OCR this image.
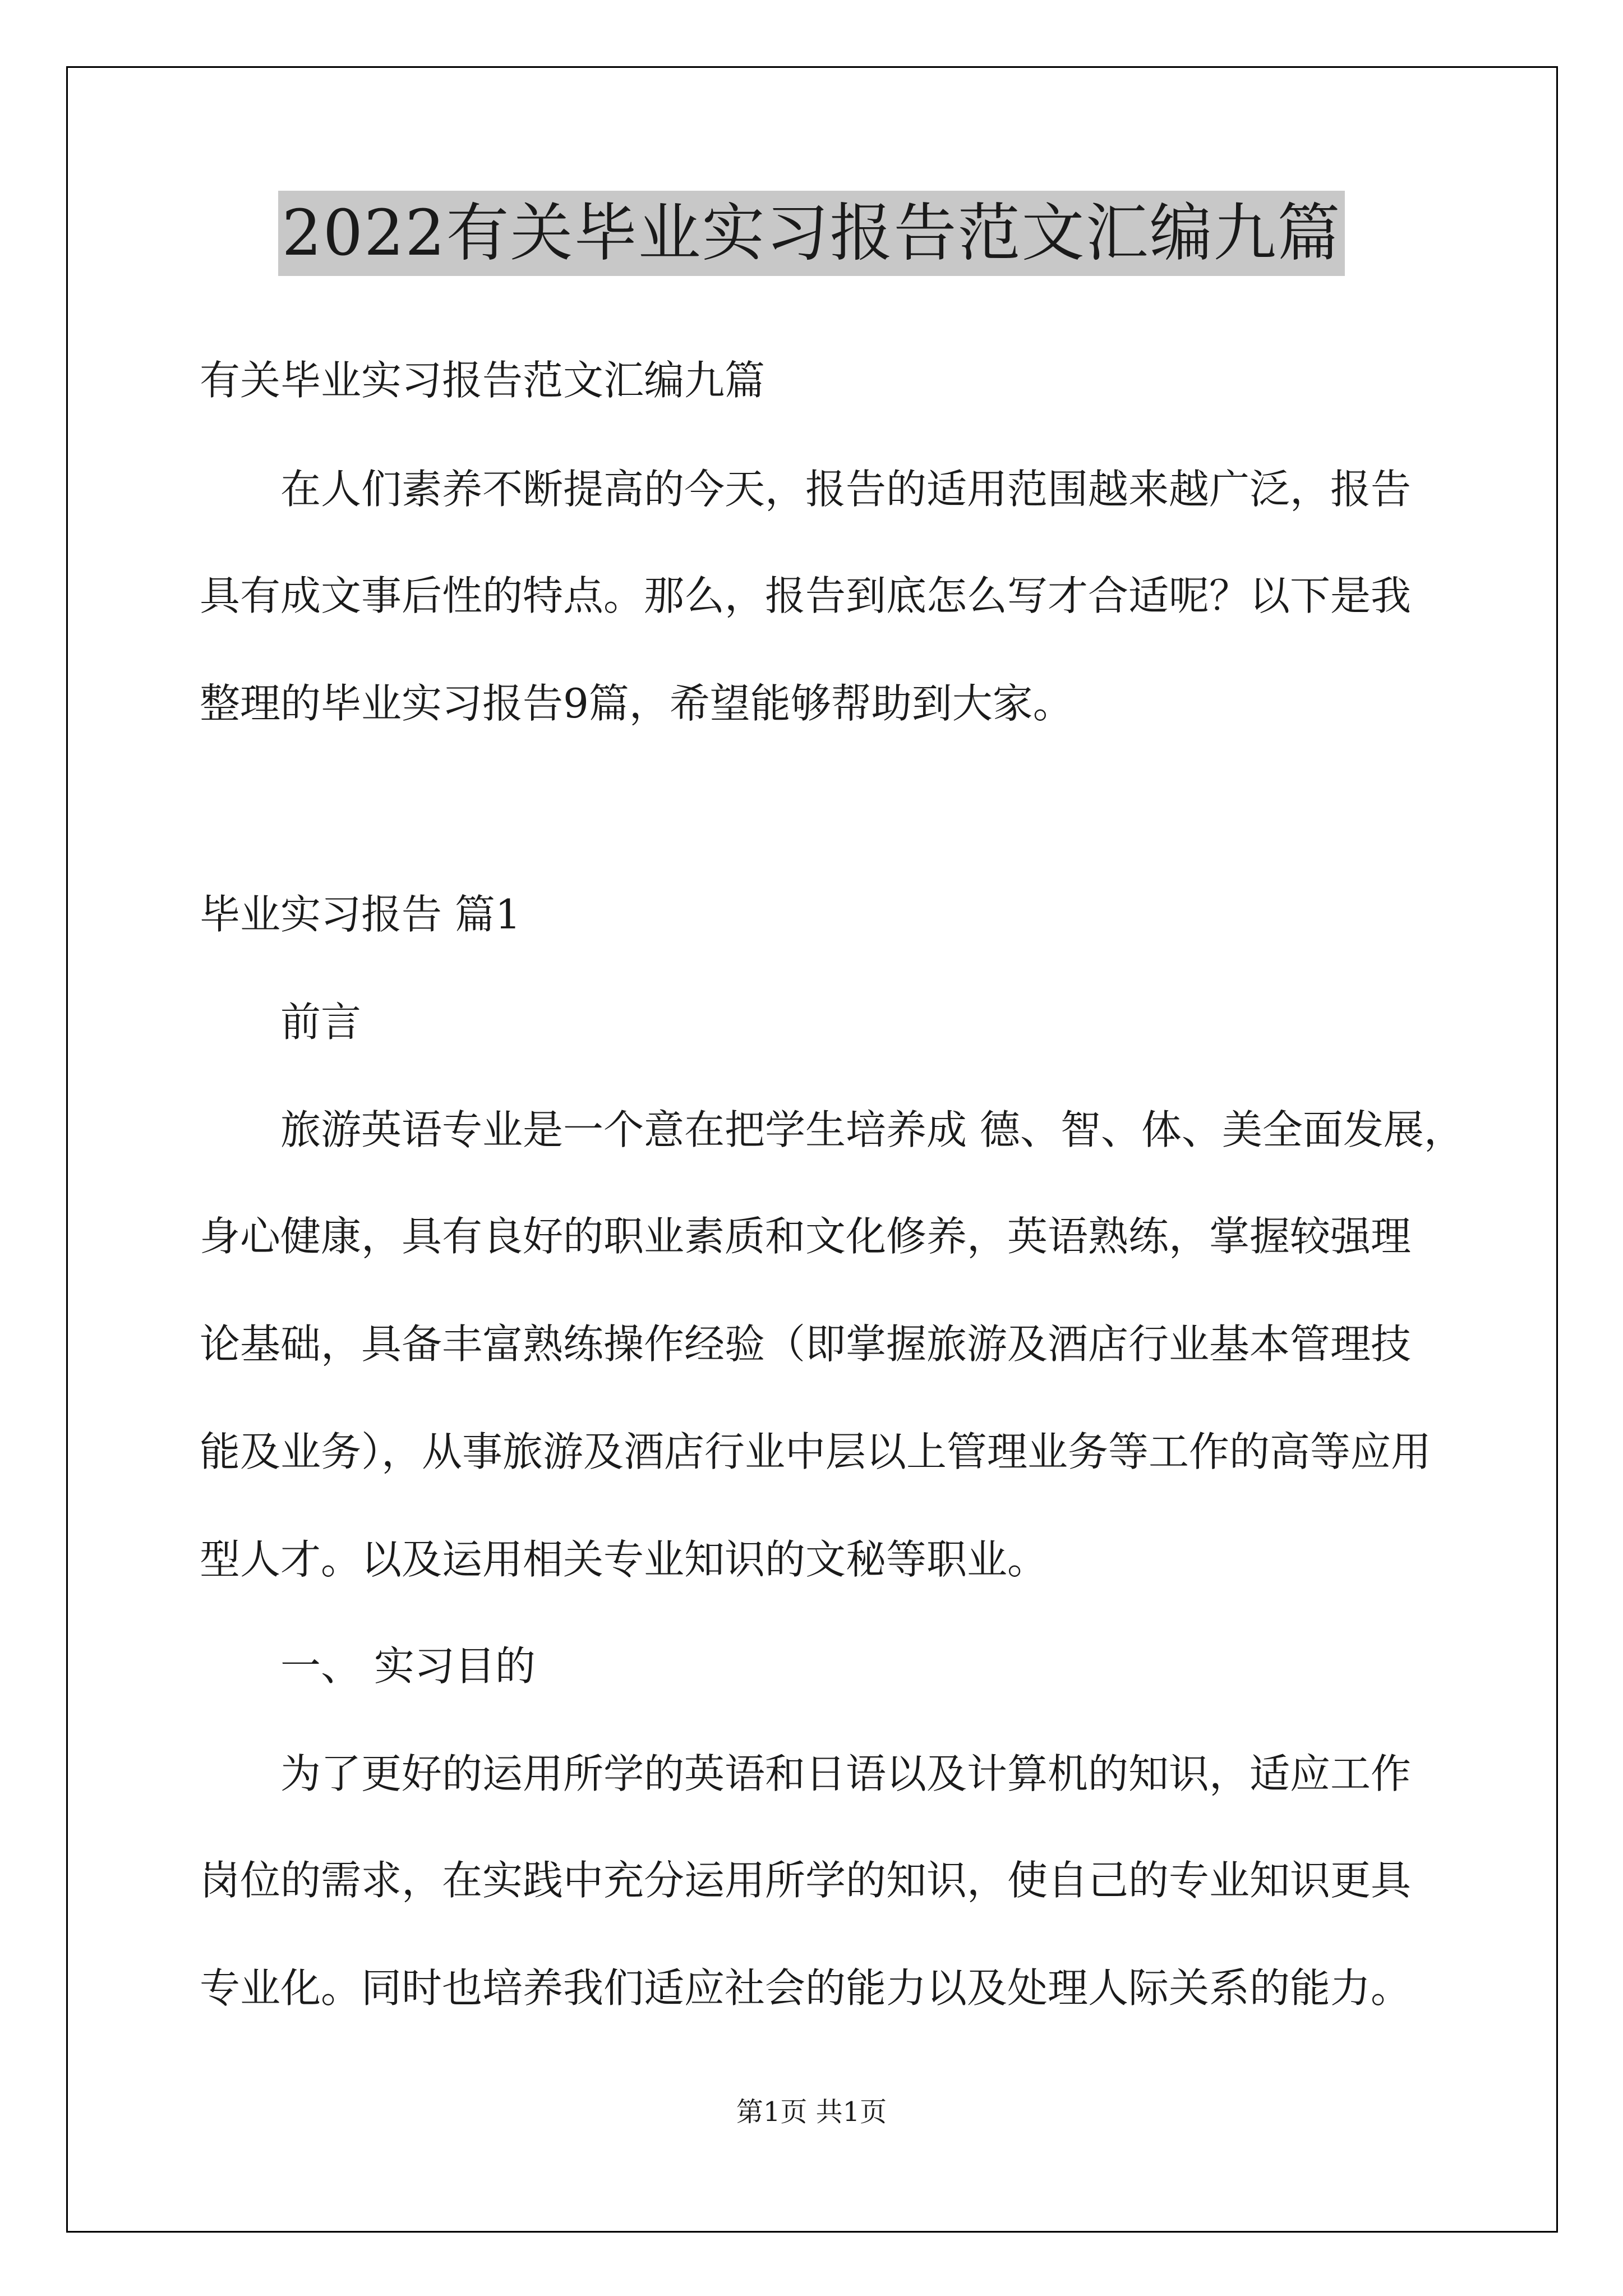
2022有关毕业实习报告范文汇编九篇
有关毕业实习报告范文汇编九篇
在人们素养不断提高的今天，报告的适用范围越来越广泛，报告
具有成文事后性的特点。那么，报告到底怎么写才合适呢？以下是我
整理的毕业实习报告9篇，希望能够帮助到大家。
毕业实习报告 篇1
前言
旅游英语专业是一个意在把学生培养成 德、智、体、美全面发展，
身心健康，具有良好的职业素质和文化修养，英语熟练，掌握较强理
论基础，具备丰富熟练操作经验（即掌握旅游及酒店行业基本管理技
能及业务），从事旅游及酒店行业中层以上管理业务等工作的高等应用
型人才。以及运用相关专业知识的文秘等职业。
一、 实习目的
为了更好的运用所学的英语和日语以及计算机的知识，适应工作
岗位的需求，在实践中充分运用所学的知识，使自己的专业知识更具
专业化。同时也培养我们适应社会的能力以及处理人际关系的能力。
第1页 共1页
